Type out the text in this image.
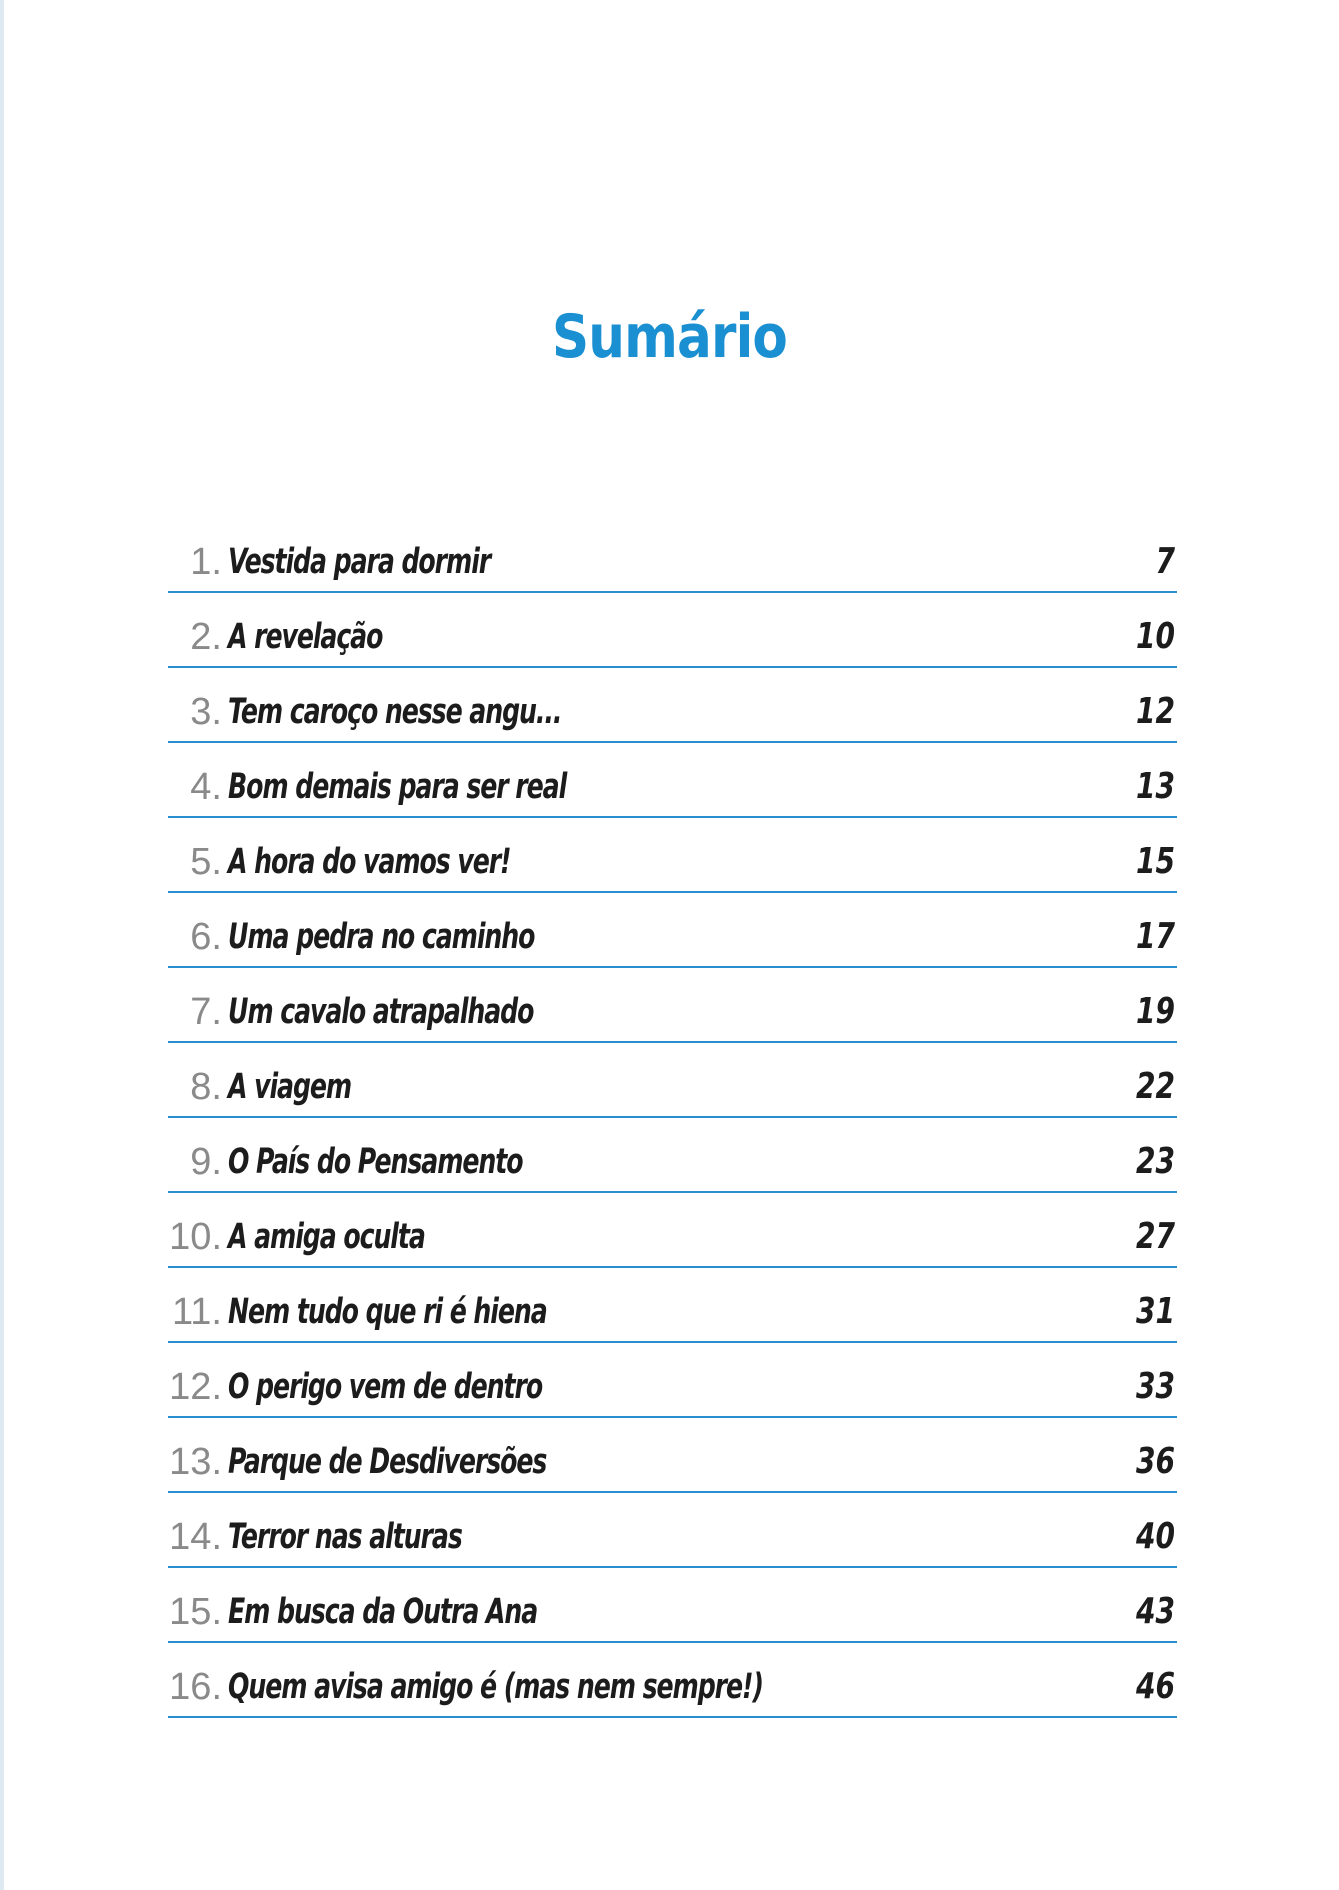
Sumário
1. Vestida para dormir	7
2. A revelação	10
3. Tem caroço nesse angu...	12
4. Bom demais para ser real	13
5. A hora do vamos ver!	15
6. Uma pedra no caminho	17
7. Um cavalo atrapalhado	19
8. A viagem	22
9. O País do Pensamento	23
10. A amiga oculta	27
11. Nem tudo que ri é hiena	31
12. O perigo vem de dentro	33
13. Parque de Desdiversões	36
14. Terror nas alturas	40
15. Em busca da Outra Ana	43
16. Quem avisa amigo é (mas nem sempre!)	46
